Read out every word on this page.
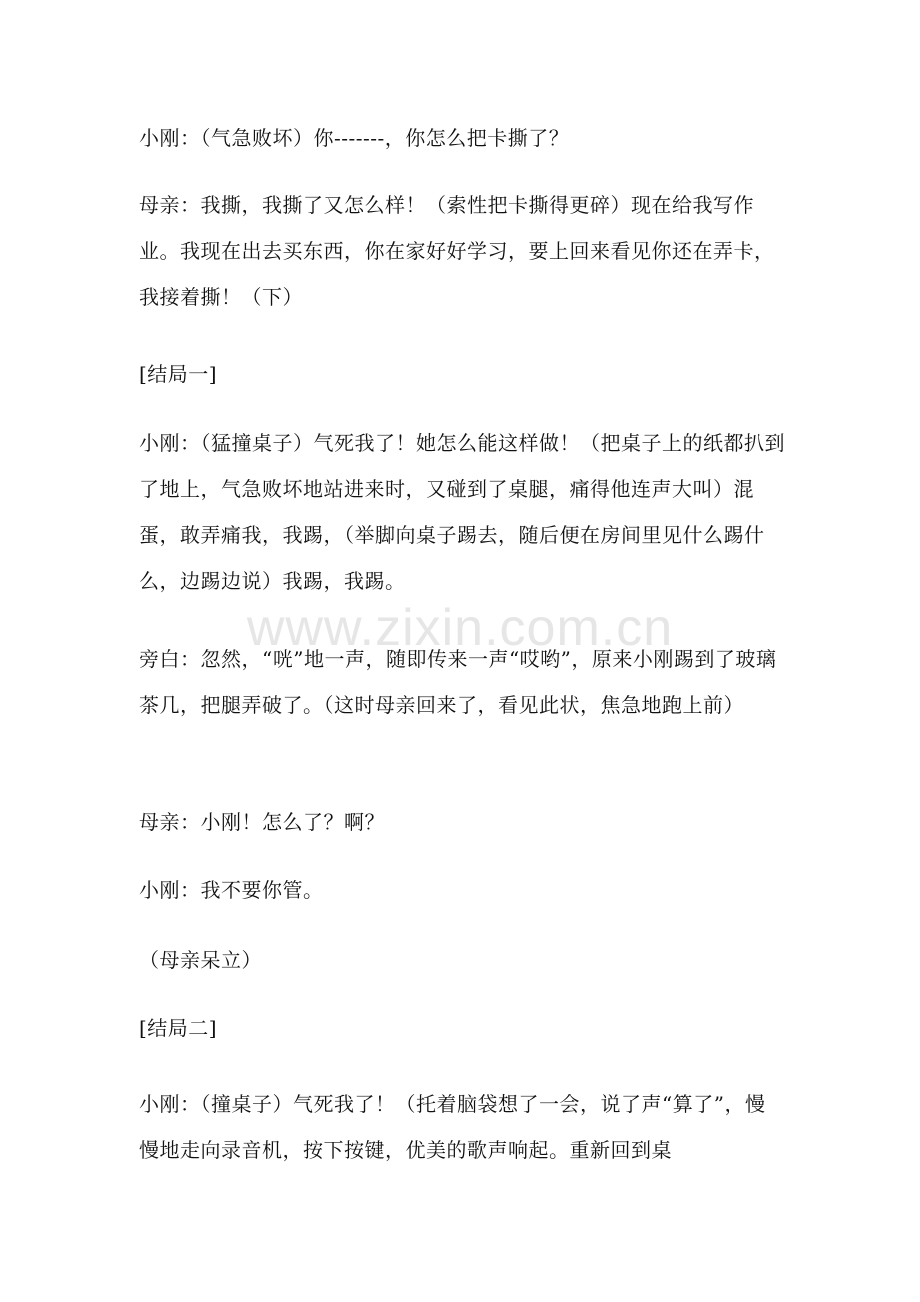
小刚：（气急败坏）你-------，你怎么把卡撕了？

母亲：我撕，我撕了又怎么样！（索性把卡撕得更碎）现在给我写作业。我现在出去买东西，你在家好好学习，要上回来看见你还在弄卡，我接着撕！（下）

[结局一]

小刚：（猛撞桌子）气死我了！她怎么能这样做！（把桌子上的纸都扒到了地上，气急败坏地站进来时，又碰到了桌腿，痛得他连声大叫）混蛋，敢弄痛我，我踢，（举脚向桌子踢去，随后便在房间里见什么踢什么，边踢边说）我踢，我踢。

旁白：忽然，“咣”地一声，随即传来一声“哎哟”，原来小刚踢到了玻璃茶几，把腿弄破了。（这时母亲回来了，看见此状，焦急地跑上前）

母亲：小刚！怎么了？啊？

小刚：我不要你管。

（母亲呆立）

[结局二]

小刚：（撞桌子）气死我了！（托着脑袋想了一会，说了声“算了”，慢慢地走向录音机，按下按键，优美的歌声响起。重新回到桌

www.zixin.com.cn
